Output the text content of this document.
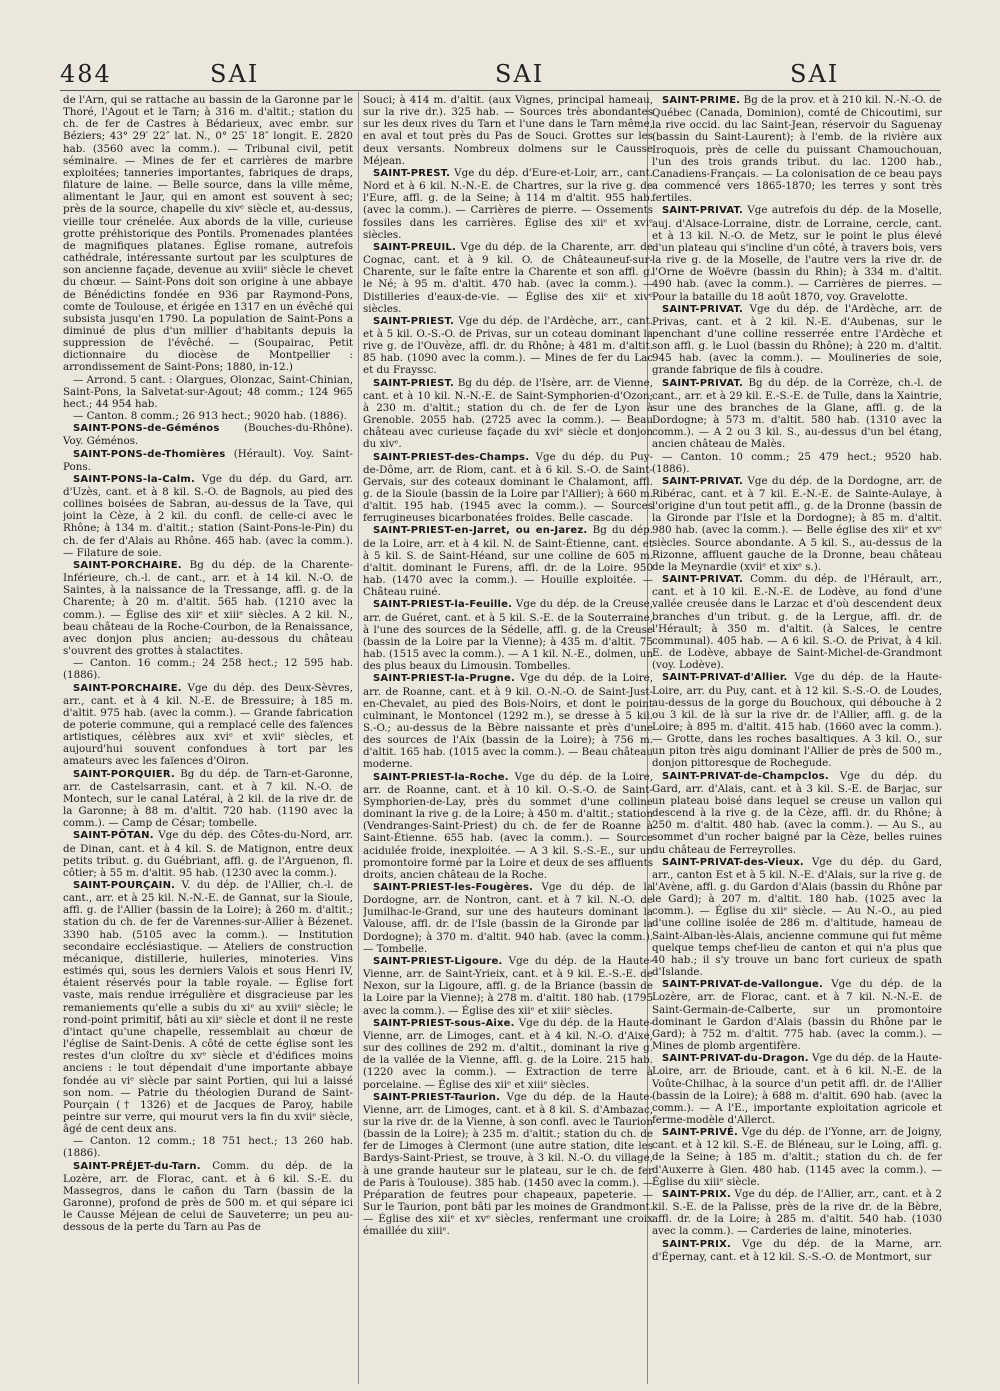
484	SAI	SAI	SAI

de l'Arn, qui se rattache au bassin de la Garonne par le Thoré, l'Agout et le Tarn; à 316 m. d'altit.; station du ch. de fer de Castres à Bédarieux, avec embr. sur Béziers; 43° 29′ 22″ lat. N., 0° 25′ 18″ longit. E. 2820 hab. (3560 avec la comm.). — Tribunal civil, petit séminaire. — Mines de fer et carrières de marbre exploitées; tanneries importantes, fabriques de draps, filature de laine. — Belle source, dans la ville même, alimentant le Jaur, qui en amont est souvent à sec; près de la source, chapelle du xivᵉ siècle et, au-dessus, vieille tour crénelée. Aux abords de la ville, curieuse grotte préhistorique des Pontils. Promenades plantées de magnifiques platanes. Église romane, autrefois cathédrale, intéressante surtout par les sculptures de son ancienne façade, devenue au xviiiᵉ siècle le chevet du chœur. — Saint-Pons doit son origine à une abbaye de Bénédictins fondée en 936 par Raymond-Pons, comte de Toulouse, et érigée en 1317 en un évêché qui subsista jusqu'en 1790. La population de Saint-Pons a diminué de plus d'un millier d'habitants depuis la suppression de l'évêché. — (Soupairac, Petit dictionnaire du diocèse de Montpellier : arrondissement de Saint-Pons; 1880, in-12.)

— Arrond. 5 cant. : Olargues, Olonzac, Saint-Chinian, Saint-Pons, la Salvetat-sur-Agout; 48 comm.; 124 965 hect.; 44 954 hab.

— Canton. 8 comm.; 26 913 hect.; 9020 hab. (1886).

SAINT-PONS-de-Géménos (Bouches-du-Rhône). Voy. Géménos.

SAINT-PONS-de-Thomières (Hérault). Voy. Saint-Pons.

SAINT-PONS-la-Calm. Vge du dép. du Gard, arr. d'Uzès, cant. et à 8 kil. S.-O. de Bagnols, au pied des collines boisées de Sabran, au-dessus de la Tave, qui joint la Cèze, à 2 kil. du confl. de celle-ci avec le Rhône; à 134 m. d'altit.; station (Saint-Pons-le-Pin) du ch. de fer d'Alais au Rhône. 465 hab. (avec la comm.). — Filature de soie.

SAINT-PORCHAIRE. Bg du dép. de la Charente-Inférieure, ch.-l. de cant., arr. et à 14 kil. N.-O. de Saintes, à la naissance de la Tressange, affl. g. de la Charente; à 20 m. d'altit. 565 hab. (1210 avec la comm.). — Église des xiiᵉ et xiiiᵉ siècles. A 2 kil. N., beau château de la Roche-Courbon, de la Renaissance, avec donjon plus ancien; au-dessous du château s'ouvrent des grottes à stalactites.

— Canton. 16 comm.; 24 258 hect.; 12 595 hab. (1886).

SAINT-PORCHAIRE. Vge du dép. des Deux-Sèvres, arr., cant. et à 4 kil. N.-E. de Bressuire; à 185 m. d'altit. 975 hab. (avec la comm.). — Grande fabrication de poterie commune, qui a remplacé celle des faïences artistiques, célèbres aux xviᵉ et xviiᵉ siècles, et aujourd'hui souvent confondues à tort par les amateurs avec les faïences d'Oiron.

SAINT-PORQUIER. Bg du dép. de Tarn-et-Garonne, arr. de Castelsarrasin, cant. et à 7 kil. N.-O. de Montech, sur le canal Latéral, à 2 kil. de la rive dr. de la Garonne; à 88 m. d'altit. 720 hab. (1190 avec la comm.). — Camp de César; tombelle.

SAINT-PÔTAN. Vge du dép. des Côtes-du-Nord, arr. de Dinan, cant. et à 4 kil. S. de Matignon, entre deux petits tribut. g. du Guébriant, affl. g. de l'Arguenon, fl. côtier; à 55 m. d'altit. 95 hab. (1230 avec la comm.).

SAINT-POURÇAIN. V. du dép. de l'Allier, ch.-l. de cant., arr. et à 25 kil. N.-N.-E. de Gannat, sur la Sioule, affl. g. de l'Allier (bassin de la Loire); à 260 m. d'altit.; station du ch. de fer de Varennes-sur-Allier à Bézenet. 3390 hab. (5105 avec la comm.). — Institution secondaire ecclésiastique. — Ateliers de construction mécanique, distillerie, huileries, minoteries. Vins estimés qui, sous les derniers Valois et sous Henri IV, étaient réservés pour la table royale. — Église fort vaste, mais rendue irrégulière et disgracieuse par les remaniements qu'elle a subis du xiᵉ au xviiiᵉ siècle; le rond-point primitif, bâti au xiiᵉ siècle et dont il ne reste d'intact qu'une chapelle, ressemblait au chœur de l'église de Saint-Denis. A côté de cette église sont les restes d'un cloître du xvᵉ siècle et d'édifices moins anciens : le tout dépendait d'une importante abbaye fondée au viᵉ siècle par saint Portien, qui lui a laissé son nom. — Patrie du théologien Durand de Saint-Pourçain († 1326) et de Jacques de Paroy, habile peintre sur verre, qui mourut vers la fin du xviiᵉ siècle, âgé de cent deux ans.

— Canton. 12 comm.; 18 751 hect.; 13 260 hab. (1886).

SAINT-PRÉJET-du-Tarn. Comm. du dép. de la Lozère, arr. de Florac, cant. et à 6 kil. S.-E. du Massegros, dans le cañon du Tarn (bassin de la Garonne), profond de près de 500 m. et qui sépare ici le Causse Méjean de celui de Sauveterre; un peu au-dessous de la perte du Tarn au Pas de

Souci; à 414 m. d'altit. (aux Vignes, principal hameau, sur la rive dr.). 325 hab. — Sources très abondantes sur les deux rives du Tarn et l'une dans le Tarn même, en aval et tout près du Pas de Souci. Grottes sur les deux versants. Nombreux dolmens sur le Causse Méjean.

SAINT-PREST. Vge du dép. d'Eure-et-Loir, arr., cant. Nord et à 6 kil. N.-N.-E. de Chartres, sur la rive g. de l'Eure, affl. g. de la Seine; à 114 m d'altit. 955 hab. (avec la comm.). — Carrières de pierre. — Ossements fossiles dans les carrières. Église des xiiᵉ et xviᵉ siècles.

SAINT-PREUIL. Vge du dép. de la Charente, arr. de Cognac, cant. et à 9 kil. O. de Châteauneuf-sur-Charente, sur le faîte entre la Charente et son affl. g. le Né; à 95 m. d'altit. 470 hab. (avec la comm.). — Distilleries d'eaux-de-vie. — Église des xiiᵉ et xivᵉ siècles.

SAINT-PRIEST. Vge du dép. de l'Ardèche, arr., cant. et à 5 kil. O.-S.-O. de Privas, sur un coteau dominant la rive g. de l'Ouvèze, affl. dr. du Rhône; à 481 m. d'altit. 85 hab. (1090 avec la comm.). — Mines de fer du Lac et du Frayssc.

SAINT-PRIEST. Bg du dép. de l'Isère, arr. de Vienne, cant. et à 10 kil. N.-N.-E. de Saint-Symphorien-d'Ozon; à 230 m. d'altit.; station du ch. de fer de Lyon à Grenoble. 2055 hab. (2725 avec la comm.). — Beau château avec curieuse façade du xviᵉ siècle et donjon du xivᵉ.

SAINT-PRIEST-des-Champs. Vge du dép. du Puy-de-Dôme, arr. de Riom, cant. et à 6 kil. S.-O. de Saint-Gervais, sur des coteaux dominant le Chalamont, affl. g. de la Sioule (bassin de la Loire par l'Allier); à 660 m. d'altit. 195 hab. (1945 avec la comm.). — Sources ferrugineuses bicarbonatées froides. Belle cascade.

SAINT-PRIEST-en-Jarret, ou en-Jarez. Bg du dép. de la Loire, arr. et à 4 kil. N. de Saint-Étienne, cant. et à 5 kil. S. de Saint-Héand, sur une colline de 605 m. d'altit. dominant le Furens, affl. dr. de la Loire. 950 hab. (1470 avec la comm.). — Houille exploitée. — Château ruiné.

SAINT-PRIEST-la-Feuille. Vge du dép. de la Creuse, arr. de Guéret, cant. et à 5 kil. S.-E. de la Souterraine, à l'une des sources de la Sédelle, affl. g. de la Creuse (bassin de la Loire par la Vienne); à 435 m. d'altit. 75 hab. (1515 avec la comm.). — A 1 kil. N.-E., dolmen, un des plus beaux du Limousin. Tombelles.

SAINT-PRIEST-la-Prugne. Vge du dép. de la Loire, arr. de Roanne, cant. et à 9 kil. O.-N.-O. de Saint-Just-en-Chevalet, au pied des Bois-Noirs, et dont le point culminant, le Montoncel (1292 m.), se dresse à 5 kil. S.-O.; au-dessus de la Bèbre naissante et près d'une des sources de l'Aix (bassin de la Loire); à 756 m. d'altit. 165 hab. (1015 avec la comm.). — Beau château moderne.

SAINT-PRIEST-la-Roche. Vge du dép. de la Loire, arr. de Roanne, cant. et à 10 kil. O.-S.-O. de Saint-Symphorien-de-Lay, près du sommet d'une colline dominant la rive g. de la Loire; à 450 m. d'altit.; station (Vendranges-Saint-Priest) du ch. de fer de Roanne à Saint-Étienne. 655 hab. (avec la comm.). — Source acidulée froide, inexploitée. — A 3 kil. S.-S.-E., sur un promontoire formé par la Loire et deux de ses affluents droits, ancien château de la Roche.

SAINT-PRIEST-les-Fougères. Vge du dép. de la Dordogne, arr. de Nontron, cant. et à 7 kil. N.-O. de Jumilhac-le-Grand, sur une des hauteurs dominant la Valouse, affl. dr. de l'Isle (bassin de la Gironde par la Dordogne); à 370 m. d'altit. 940 hab. (avec la comm.). — Tombelle.

SAINT-PRIEST-Ligoure. Vge du dép. de la Haute-Vienne, arr. de Saint-Yrieix, cant. et à 9 kil. E.-S.-E. de Nexon, sur la Ligoure, affl. g. de la Briance (bassin de la Loire par la Vienne); à 278 m. d'altit. 180 hab. (1795 avec la comm.). — Église des xiiᵉ et xiiiᵉ siècles.

SAINT-PRIEST-sous-Aixe. Vge du dép. de la Haute-Vienne, arr. de Limoges, cant. et à 4 kil. N.-O. d'Aixe, sur des collines de 292 m. d'altit., dominant la rive g. de la vallée de la Vienne, affl. g. de la Loire. 215 hab. (1220 avec la comm.). — Extraction de terre à porcelaine. — Église des xiiᵉ et xiiiᵉ siècles.

SAINT-PRIEST-Taurion. Vge du dép. de la Haute-Vienne, arr. de Limoges, cant. et à 8 kil. S. d'Ambazac, sur la rive dr. de la Vienne, à son confl. avec le Taurion (bassin de la Loire); à 235 m. d'altit.; station du ch. de fer de Limoges à Clermont (une autre station, dite les Bardys-Saint-Priest, se trouve, à 3 kil. N.-O. du village, à une grande hauteur sur le plateau, sur le ch. de fer de Paris à Toulouse). 385 hab. (1450 avec la comm.). — Préparation de feutres pour chapeaux, papeterie. — Sur le Taurion, pont bâti par les moines de Grandmont. — Église des xiiᵉ et xvᵉ siècles, renfermant une croix émaillée du xiiiᵉ.

SAINT-PRIME. Bg de la prov. et à 210 kil. N.-N.-O. de Québec (Canada, Dominion), comté de Chicoutimi, sur la rive occid. du lac Saint-Jean, réservoir du Saguenay (bassin du Saint-Laurent); à l'emb. de la rivière aux Iroquois, près de celle du puissant Chamouchouan, l'un des trois grands tribut. du lac. 1200 hab., Canadiens-Français. — La colonisation de ce beau pays a commencé vers 1865-1870; les terres y sont très fertiles.

SAINT-PRIVAT. Vge autrefois du dép. de la Moselle, auj. d'Alsace-Lorraine, distr. de Lorraine, cercle, cant. et à 13 kil. N.-O. de Metz, sur le point le plus élevé d'un plateau qui s'incline d'un côté, à travers bois, vers la rive g. de la Moselle, de l'autre vers la rive dr. de l'Orne de Woëvre (bassin du Rhin); à 334 m. d'altit. 490 hab. (avec la comm.). — Carrières de pierres. — Pour la bataille du 18 août 1870, voy. Gravelotte.

SAINT-PRIVAT. Vge du dép. de l'Ardèche, arr. de Privas, cant. et à 2 kil. N.-E. d'Aubenas, sur le penchant d'une colline resserrée entre l'Ardèche et son affl. g. le Luol (bassin du Rhône); à 220 m. d'altit. 945 hab. (avec la comm.). — Moulineries de soie, grande fabrique de fils à coudre.

SAINT-PRIVAT. Bg du dép. de la Corrèze, ch.-l. de cant., arr. et à 29 kil. E.-S.-E. de Tulle, dans la Xaintrie, sur une des branches de la Glane, affl. g. de la Dordogne; à 573 m. d'altit. 580 hab. (1310 avec la comm.). — A 2 ou 3 kil. S., au-dessus d'un bel étang, ancien château de Malès.

— Canton. 10 comm.; 25 479 hect.; 9520 hab. (1886).

SAINT-PRIVAT. Vge du dép. de la Dordogne, arr. de Ribérac, cant. et à 7 kil. E.-N.-E. de Sainte-Aulaye, à l'origine d'un tout petit affl., g. de la Dronne (bassin de la Gironde par l'Isle et la Dordogne); à 85 m. d'altit. 980 hab. (avec la comm.). — Belle église des xiiᵉ et xvᵉ siècles. Source abondante. A 5 kil. S., au-dessus de la Rizonne, affluent gauche de la Dronne, beau château de la Meynardie (xviiᵉ et xixᵉ s.).

SAINT-PRIVAT. Comm. du dép. de l'Hérault, arr., cant. et à 10 kil. E.-N.-E. de Lodève, au fond d'une vallée creusée dans le Larzac et d'où descendent deux branches d'un tribut. g. de la Lergue, affl. dr. de l'Hérault; à 350 m. d'altit. (à Salces, le centre communal). 405 hab. — A 6 kil. S.-O. de Privat, à 4 kil. E. de Lodève, abbaye de Saint-Michel-de-Grandmont (voy. Lodève).

SAINT-PRIVAT-d'Allier. Vge du dép. de la Haute-Loire, arr. du Puy, cant. et à 12 kil. S.-S.-O. de Loudes, au-dessus de la gorge du Bouchoux, qui débouche à 2 ou 3 kil. de là sur la rive dr. de l'Allier, affl. g. de la Loire; à 895 m. d'altit. 415 hab. (1660 avec la comm.). — Grotte, dans les roches basaltiques. A 3 kil. O., sur un piton très aigu dominant l'Allier de près de 500 m., donjon pittoresque de Rochegude.

SAINT-PRIVAT-de-Champclos. Vge du dép. du Gard, arr. d'Alais, cant. et à 3 kil. S.-E. de Barjac, sur un plateau boisé dans lequel se creuse un vallon qui descend à la rive g. de la Cèze, affl. dr. du Rhône; à 250 m. d'altit. 480 hab. (avec la comm.). — Au S., au sommet d'un rocher baigné par la Cèze, belles ruines du château de Ferreyrolles.

SAINT-PRIVAT-des-Vieux. Vge du dép. du Gard, arr., canton Est et à 5 kil. N.-E. d'Alais, sur la rive g. de l'Avène, affl. g. du Gardon d'Alais (bassin du Rhône par le Gard); à 207 m. d'altit. 180 hab. (1025 avec la comm.). — Église du xiiᵉ siècle. — Au N.-O., au pied d'une colline isolée de 286 m. d'altitude, hameau de Saint-Alban-lès-Alais, ancienne commune qui fut même quelque temps chef-lieu de canton et qui n'a plus que 40 hab.; il s'y trouve un banc fort curieux de spath d'Islande.

SAINT-PRIVAT-de-Vallongue. Vge du dép. de la Lozère, arr. de Florac, cant. et à 7 kil. N.-N.-E. de Saint-Germain-de-Calberte, sur un promontoire dominant le Gardon d'Alais (bassin du Rhône par le Gard); à 752 m. d'altit. 775 hab. (avec la comm.). — Mines de plomb argentifère.

SAINT-PRIVAT-du-Dragon. Vge du dép. de la Haute-Loire, arr. de Brioude, cant. et à 6 kil. N.-E. de la Voûte-Chilhac, à la source d'un petit affl. dr. de l'Allier (bassin de la Loire); à 688 m. d'altit. 690 hab. (avec la comm.). — A l'E., importante exploitation agricole et ferme-modèle d'Allerct.

SAINT-PRIVÉ. Vge du dép. de l'Yonne, arr. de Joigny, cant. et à 12 kil. S.-E. de Bléneau, sur le Loing, affl. g. de la Seine; à 185 m. d'altit.; station du ch. de fer d'Auxerre à Gien. 480 hab. (1145 avec la comm.). — Église du xiiiᵉ siècle.

SAINT-PRIX. Vge du dép. de l'Allier, arr., cant. et à 2 kil. S.-E. de la Palisse, près de la rive dr. de la Bèbre, affl. dr. de la Loire; à 285 m. d'altit. 540 hab. (1030 avec la comm.). — Carderies de laine, minoteries.

SAINT-PRIX. Vge du dép. de la Marne, arr. d'Épernay, cant. et à 12 kil. S.-S.-O. de Montmort, sur
